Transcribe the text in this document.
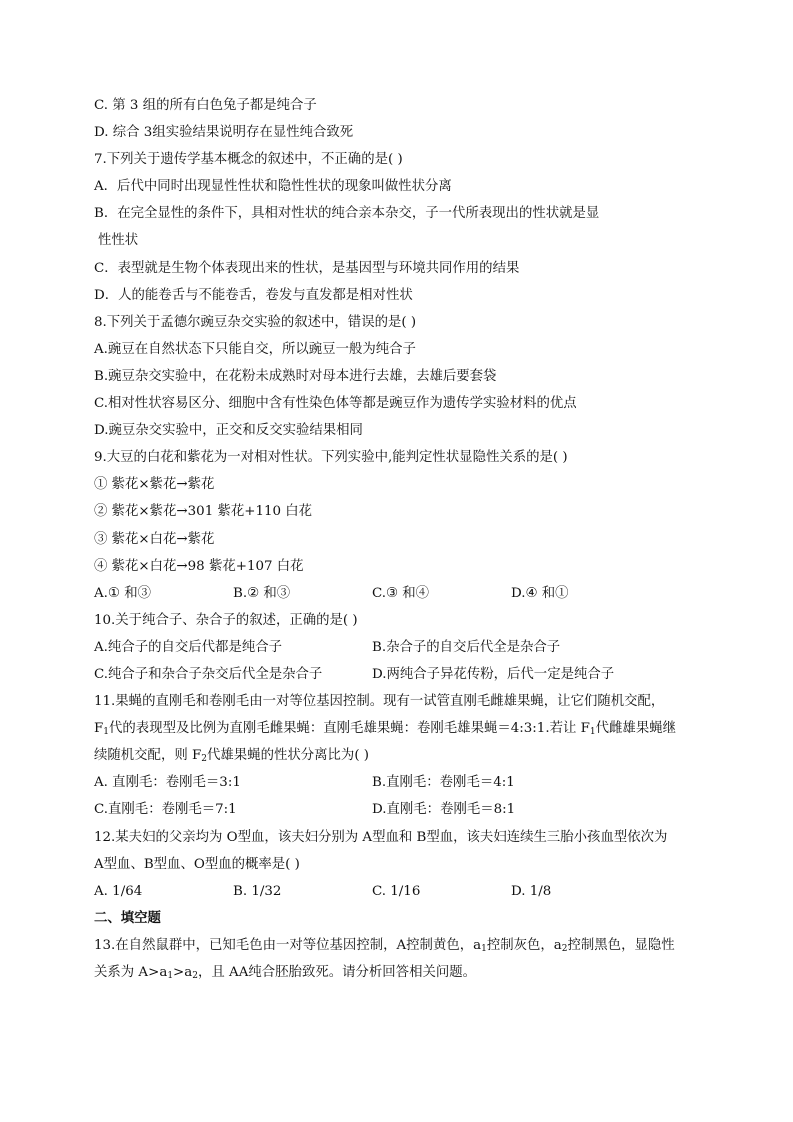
C. 第 3 组的所有白色兔子都是纯合子
D. 综合 3组实验结果说明存在显性纯合致死
7.下列关于遗传学基本概念的叙述中，不正确的是( )
A．后代中同时出现显性性状和隐性性状的现象叫做性状分离
B．在完全显性的条件下，具相对性状的纯合亲本杂交，子一代所表现出的性状就是显
性性状
C．表型就是生物个体表现出来的性状，是基因型与环境共同作用的结果
D．人的能卷舌与不能卷舌，卷发与直发都是相对性状
8.下列关于孟德尔豌豆杂交实验的叙述中，错误的是( )
A.豌豆在自然状态下只能自交，所以豌豆一般为纯合子
B.豌豆杂交实验中，在花粉未成熟时对母本进行去雄，去雄后要套袋
C.相对性状容易区分、细胞中含有性染色体等都是豌豆作为遗传学实验材料的优点
D.豌豆杂交实验中，正交和反交实验结果相同
9.大豆的白花和紫花为一对相对性状。下列实验中,能判定性状显隐性关系的是( )
① 紫花×紫花→紫花
② 紫花×紫花→301 紫花+110 白花
③ 紫花×白花→紫花
④ 紫花×白花→98 紫花+107 白花
A.① 和③	B.② 和③	C.③ 和④	D.④ 和①
10.关于纯合子、杂合子的叙述，正确的是( )
A.纯合子的自交后代都是纯合子	B.杂合子的自交后代全是杂合子
C.纯合子和杂合子杂交后代全是杂合子	D.两纯合子异花传粉，后代一定是纯合子
11.果蝇的直刚毛和卷刚毛由一对等位基因控制。现有一试管直刚毛雌雄果蝇，让它们随机交配，
$F_1$代的表现型及比例为直刚毛雌果蝇：直刚毛雄果蝇：卷刚毛雄果蝇＝4:3:1.若让 $F_1$代雌雄果蝇继
续随机交配，则 $F_2$代雄果蝇的性状分离比为( )
A. 直刚毛：卷刚毛＝3:1	B.直刚毛：卷刚毛＝4:1
C.直刚毛：卷刚毛＝7:1	D.直刚毛：卷刚毛＝8:1
12.某夫妇的父亲均为 O型血，该夫妇分别为 A型血和 B型血，该夫妇连续生三胎小孩血型依次为
A型血、B型血、O型血的概率是( )
A. 1/64	B. 1/32	C. 1/16	D. 1/8
二、填空题
13.在自然鼠群中，已知毛色由一对等位基因控制，A控制黄色，$a_1$控制灰色，$a_2$控制黑色，显隐性
关系为 $A>a_1>a_2$，且 AA纯合胚胎致死。请分析回答相关问题。
